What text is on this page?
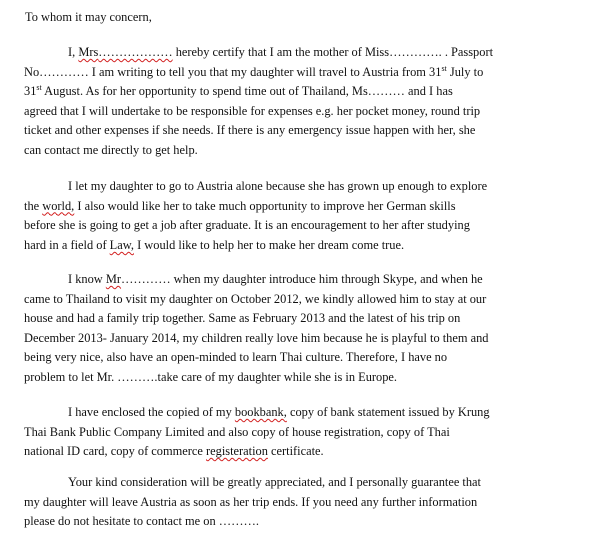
To whom it may concern,
I, Mrs……………… hereby certify that I am the mother of Miss…………. . Passport
No………… I am writing to tell you that my daughter will travel to Austria from 31st July to
31st August. As for her opportunity to spend time out of Thailand, Ms……… and I has
agreed that I will undertake to be responsible for expenses e.g. her pocket money, round trip
ticket and other expenses if she needs. If there is any emergency issue happen with her, she
can contact me directly to get help.
I let my daughter to go to Austria alone because she has grown up enough to explore
the world, I also would like her to take much opportunity to improve her German skills
before she is going to get a job after graduate. It is an encouragement to her after studying
hard in a field of Law, I would like to help her to make her dream come true.
I know Mr………… when my daughter introduce him through Skype, and when he
came to Thailand to visit my daughter on October 2012, we kindly allowed him to stay at our
house and had a family trip together. Same as February 2013 and the latest of his trip on
December 2013- January 2014, my children really love him because he is playful to them and
being very nice, also have an open-minded to learn Thai culture. Therefore, I have no
problem to let Mr. ……….take care of my daughter while she is in Europe.
I have enclosed the copied of my bookbank, copy of bank statement issued by Krung
Thai Bank Public Company Limited and also copy of house registration, copy of Thai
national ID card, copy of commerce registeration certificate.
Your kind consideration will be greatly appreciated, and I personally guarantee that
my daughter will leave Austria as soon as her trip ends. If you need any further information
please do not hesitate to contact me on ……….
